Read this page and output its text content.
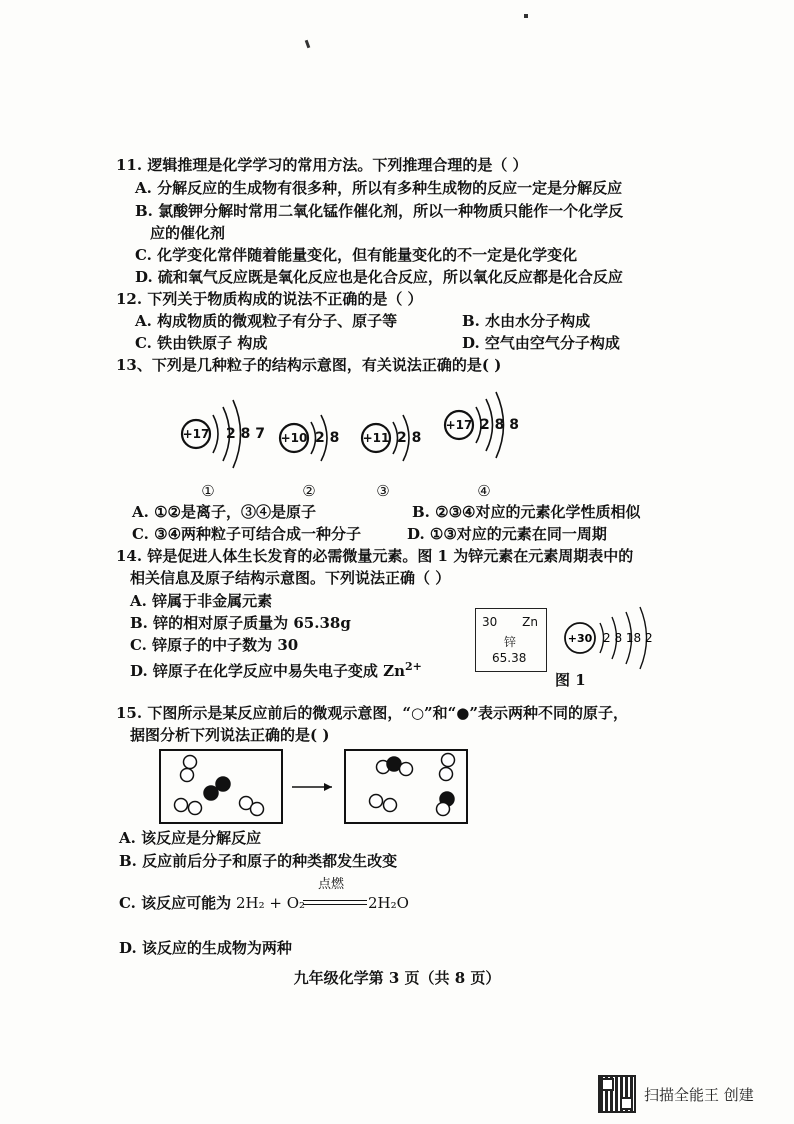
11. 逻辑推理是化学学习的常用方法。下列推理合理的是（ ）
A. 分解反应的生成物有很多种，所以有多种生成物的反应一定是分解反应
B. 氯酸钾分解时常用二氧化锰作催化剂，所以一种物质只能作一个化学反
应的催化剂
C. 化学变化常伴随着能量变化，但有能量变化的不一定是化学变化
D. 硫和氧气反应既是氧化反应也是化合反应，所以氧化反应都是化合反应
12. 下列关于物质构成的说法不正确的是（ ）
A. 构成物质的微观粒子有分子、原子等	B. 水由水分子构成
C. 铁由铁原子 构成	D. 空气由空气分子构成
13、下列是几种粒子的结构示意图，有关说法正确的是( )
+17 2 8 7 +10 2 8 +11 2 8
+17 2 8 8
①	②	③	④
A. ①②是离子，③④是原子	B. ②③④对应的元素化学性质相似
C. ③④两种粒子可结合成一种分子	D. ①③对应的元素在同一周期
14. 锌是促进人体生长发育的必需微量元素。图 1 为锌元素在元素周期表中的
相关信息及原子结构示意图。下列说法正确（ ）
A. 锌属于非金属元素
B. 锌的相对原子质量为 65.38g
C. 锌原子的中子数为 30
D. 锌原子在化学反应中易失电子变成 $Zn^{2+}$
30 Zn
锌
65.38
+30 2 8 18 2
图 1
15. 下图所示是某反应前后的微观示意图，“○”和“●”表示两种不同的原子，
据图分析下列说法正确的是( )
A. 该反应是分解反应
B. 反应前后分子和原子的种类都发生改变
C. 该反应可能为 2H₂ + O₂
点燃
2H₂O
D. 该反应的生成物为两种
九年级化学第 3 页（共 8 页）
扫描全能王 创建
